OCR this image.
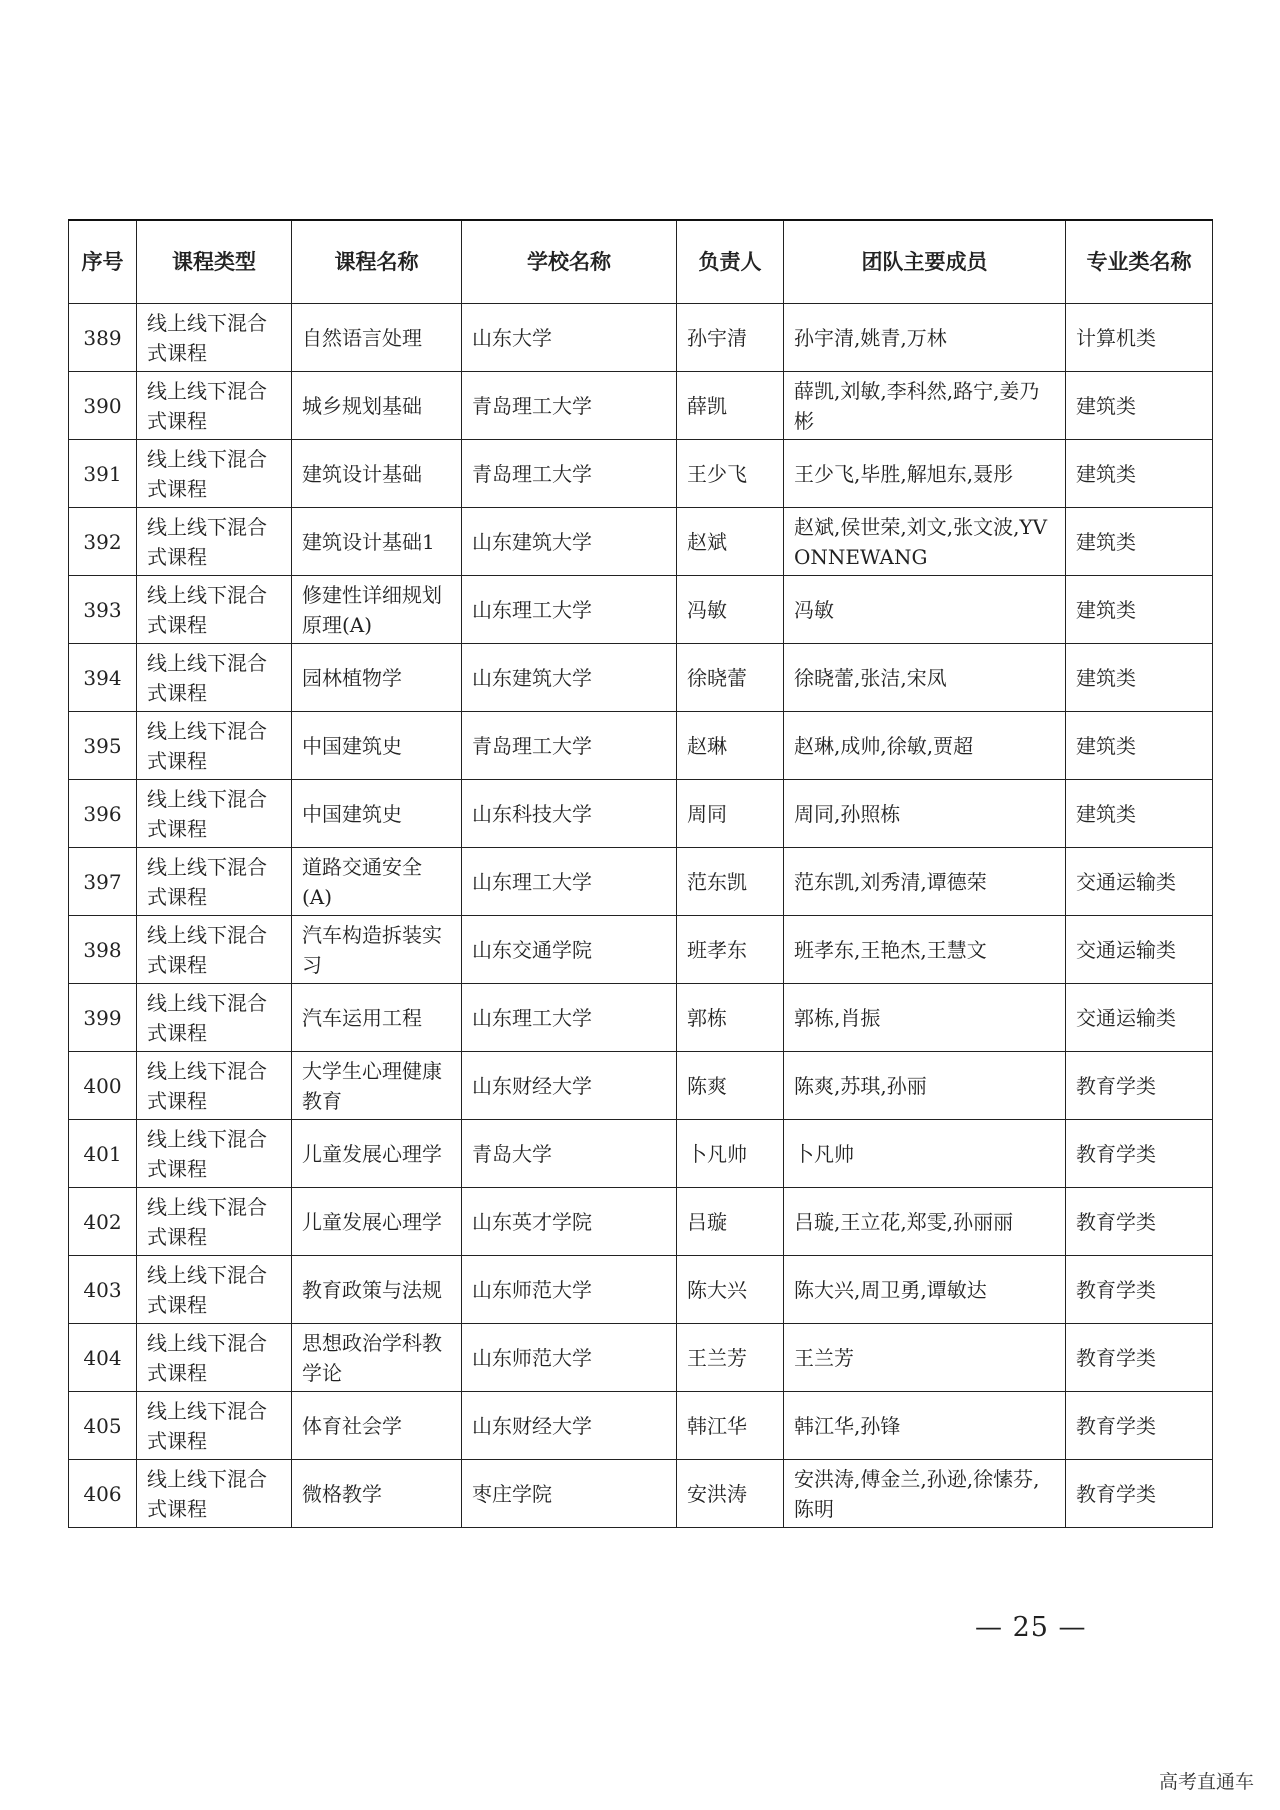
序号	课程类型	课程名称	学校名称	负责人	团队主要成员	专业类名称
389	线上线下混合式课程	自然语言处理	山东大学	孙宇清	孙宇清,姚青,万林	计算机类
390	线上线下混合式课程	城乡规划基础	青岛理工大学	薛凯	薛凯,刘敏,李科然,路宁,姜乃彬	建筑类
391	线上线下混合式课程	建筑设计基础	青岛理工大学	王少飞	王少飞,毕胜,解旭东,聂彤	建筑类
392	线上线下混合式课程	建筑设计基础1	山东建筑大学	赵斌	赵斌,侯世荣,刘文,张文波,YVONNEWANG	建筑类
393	线上线下混合式课程	修建性详细规划原理(A)	山东理工大学	冯敏	冯敏	建筑类
394	线上线下混合式课程	园林植物学	山东建筑大学	徐晓蕾	徐晓蕾,张洁,宋凤	建筑类
395	线上线下混合式课程	中国建筑史	青岛理工大学	赵琳	赵琳,成帅,徐敏,贾超	建筑类
396	线上线下混合式课程	中国建筑史	山东科技大学	周同	周同,孙照栋	建筑类
397	线上线下混合式课程	道路交通安全(A)	山东理工大学	范东凯	范东凯,刘秀清,谭德荣	交通运输类
398	线上线下混合式课程	汽车构造拆装实习	山东交通学院	班孝东	班孝东,王艳杰,王慧文	交通运输类
399	线上线下混合式课程	汽车运用工程	山东理工大学	郭栋	郭栋,肖振	交通运输类
400	线上线下混合式课程	大学生心理健康教育	山东财经大学	陈爽	陈爽,苏琪,孙丽	教育学类
401	线上线下混合式课程	儿童发展心理学	青岛大学	卜凡帅	卜凡帅	教育学类
402	线上线下混合式课程	儿童发展心理学	山东英才学院	吕璇	吕璇,王立花,郑雯,孙丽丽	教育学类
403	线上线下混合式课程	教育政策与法规	山东师范大学	陈大兴	陈大兴,周卫勇,谭敏达	教育学类
404	线上线下混合式课程	思想政治学科教学论	山东师范大学	王兰芳	王兰芳	教育学类
405	线上线下混合式课程	体育社会学	山东财经大学	韩江华	韩江华,孙锋	教育学类
406	线上线下混合式课程	微格教学	枣庄学院	安洪涛	安洪涛,傅金兰,孙逊,徐愫芬,陈明	教育学类
— 25 —
高考直通车
